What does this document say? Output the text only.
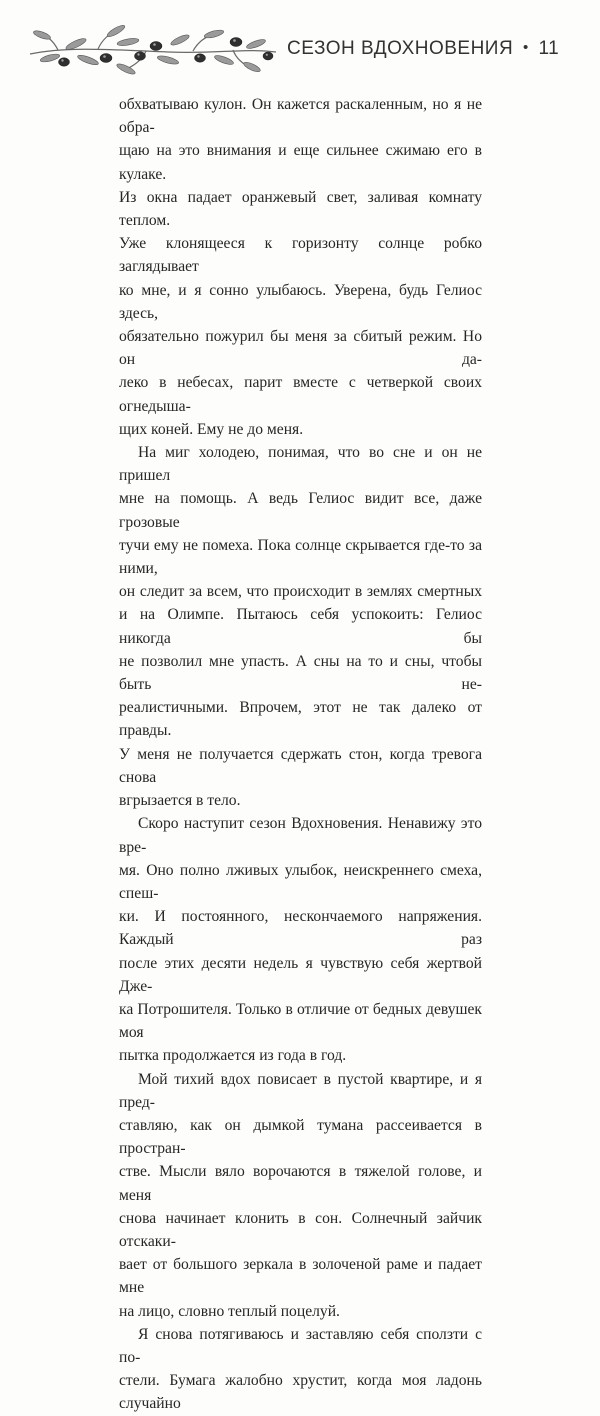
СЕЗОН ВДОХНОВЕНИЯ • 11

обхватываю кулон. Он кажется раскаленным, но я не обра-

щаю на это внимания и еще сильнее сжимаю его в кулаке.

Из окна падает оранжевый свет, заливая комнату теплом.

Уже клонящееся к горизонту солнце робко заглядывает

ко мне, и я сонно улыбаюсь. Уверена, будь Гелиос здесь,

обязательно пожурил бы меня за сбитый режим. Но он да-

леко в небесах, парит вместе с четверкой своих огнедыша-

щих коней. Ему не до меня.

На миг холодею, понимая, что во сне и он не пришел

мне на помощь. А ведь Гелиос видит все, даже грозовые

тучи ему не помеха. Пока солнце скрывается где-то за ними,

он следит за всем, что происходит в землях смертных

и на Олимпе. Пытаюсь себя успокоить: Гелиос никогда бы

не позволил мне упасть. А сны на то и сны, чтобы быть не-

реалистичными. Впрочем, этот не так далеко от правды.

У меня не получается сдержать стон, когда тревога снова

вгрызается в тело.

Скоро наступит сезон Вдохновения. Ненавижу это вре-

мя. Оно полно лживых улыбок, неискреннего смеха, спеш-

ки. И постоянного, нескончаемого напряжения. Каждый раз

после этих десяти недель я чувствую себя жертвой Дже-

ка Потрошителя. Только в отличие от бедных девушек моя

пытка продолжается из года в год.

Мой тихий вдох повисает в пустой квартире, и я пред-

ставляю, как он дымкой тумана рассеивается в простран-

стве. Мысли вяло ворочаются в тяжелой голове, и меня

снова начинает клонить в сон. Солнечный зайчик отскаки-

вает от большого зеркала в золоченой раме и падает мне

на лицо, словно теплый поцелуй.

Я снова потягиваюсь и заставляю себя сползти с по-

стели. Бумага жалобно хрустит, когда моя ладонь случайно
